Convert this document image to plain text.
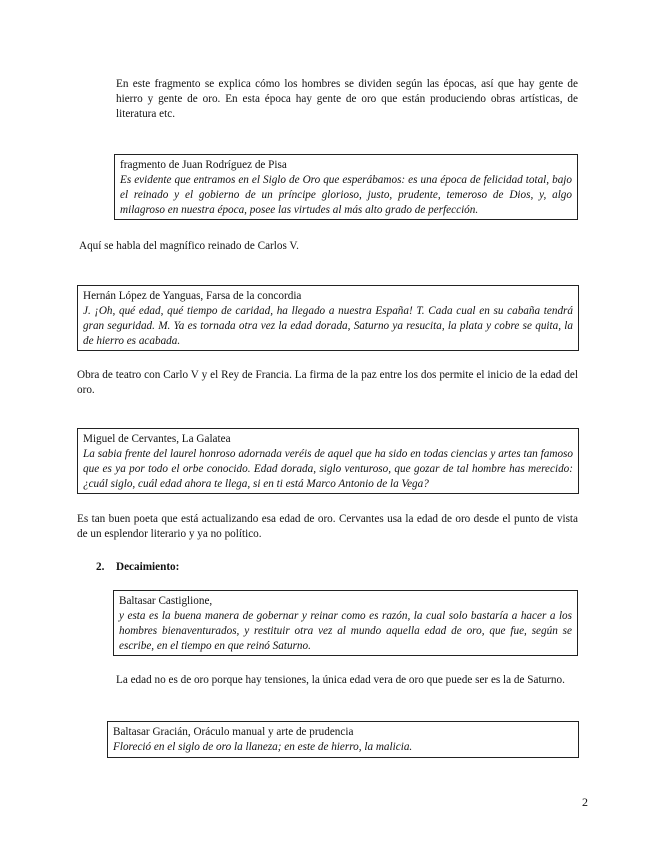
En este fragmento se explica cómo los hombres se dividen según las épocas, así que hay gente de hierro y gente de oro. En esta época hay gente de oro que están produciendo obras artísticas, de literatura etc.

fragmento de Juan Rodríguez de Pisa

Es evidente que entramos en el Siglo de Oro que esperábamos: es una época de felicidad total, bajo el reinado y el gobierno de un príncipe glorioso, justo, prudente, temeroso de Dios, y, algo milagroso en nuestra época, posee las virtudes al más alto grado de perfección.

Aquí se habla del magnífico reinado de Carlos V.

Hernán López de Yanguas, Farsa de la concordia

J. ¡Oh, qué edad, qué tiempo de caridad, ha llegado a nuestra España! T. Cada cual en su cabaña tendrá gran seguridad. M. Ya es tornada otra vez la edad dorada, Saturno ya resucita, la plata y cobre se quita, la de hierro es acabada.

Obra de teatro con Carlo V y el Rey de Francia. La firma de la paz entre los dos permite el inicio de la edad del oro.

Miguel de Cervantes, La Galatea

La sabia frente del laurel honroso adornada veréis de aquel que ha sido en todas ciencias y artes tan famoso que es ya por todo el orbe conocido. Edad dorada, siglo venturoso, que gozar de tal hombre has merecido: ¿cuál siglo, cuál edad ahora te llega, si en ti está Marco Antonio de la Vega?

Es tan buen poeta que está actualizando esa edad de oro. Cervantes usa la edad de oro desde el punto de vista de un esplendor literario y ya no político.

2. Decaimiento:

Baltasar Castiglione,

y esta es la buena manera de gobernar y reinar como es razón, la cual solo bastaría a hacer a los hombres bienaventurados, y restituir otra vez al mundo aquella edad de oro, que fue, según se escribe, en el tiempo en que reinó Saturno.

La edad no es de oro porque hay tensiones, la única edad vera de oro que puede ser es la de Saturno.

Baltasar Gracián, Oráculo manual y arte de prudencia

Floreció en el siglo de oro la llaneza; en este de hierro, la malicia.

2
